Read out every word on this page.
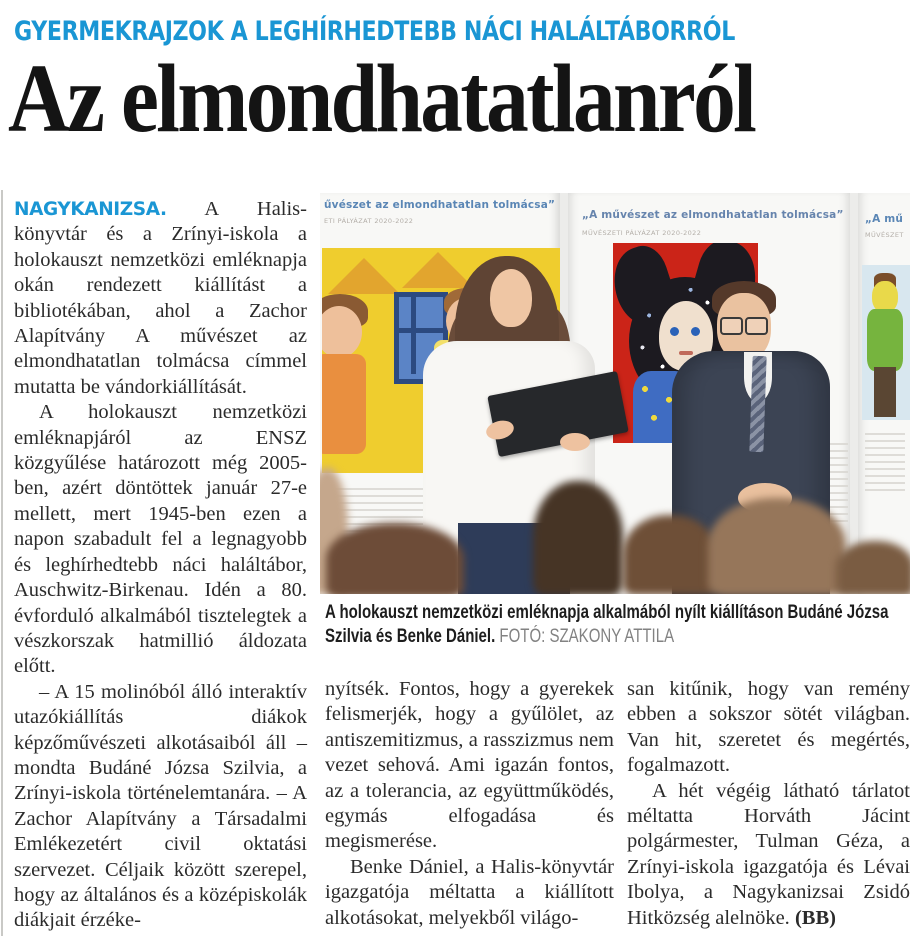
GYERMEKRAJZOK A LEGHÍRHEDTEBB NÁCI HALÁLTÁBORRÓL
Az elmondhatatlanról

NAGYKANIZSA. A Halis-könyvtár és a Zrínyi-iskola a holokauszt nemzetközi emléknapja okán rendezett kiállítást a bibliotékában, ahol a Zachor Alapítvány A művészet az elmondhatatlan tolmácsa címmel mutatta be vándorkiállítását.

A holokauszt nemzetközi emléknapjáról az ENSZ közgyűlése határozott még 2005-ben, azért döntöttek január 27-e mellett, mert 1945-ben ezen a napon szabadult fel a legnagyobb és leghírhedtebb náci haláltábor, Auschwitz-Birkenau. Idén a 80. évforduló alkalmából tisztelegtek a vészkorszak hatmillió áldozata előtt.

– A 15 molinóból álló interaktív utazókiállítás diákok képzőművészeti alkotásaiból áll – mondta Budáné Józsa Szilvia, a Zrínyi-iskola történelemtanára. – A Zachor Alapítvány a Társadalmi Emlékezetért civil oktatási szervezet. Céljaik között szerepel, hogy az általános és a középiskolák diákjait érzéke-

űvészet az elmondhatatlan tolmácsa”
ETI PÁLYÁZAT 2020-2022	„A művészet az elmondhatatlan tolmácsa”
MŰVÉSZETI PÁLYÁZAT 2020-2022
„A mű
MŰVÉSZET
A holokauszt nemzetközi emléknapja alkalmából nyílt kiállításon Budáné Józsa Szilvia és Benke Dániel. FOTÓ: SZAKONY ATTILA

nyítsék. Fontos, hogy a gyerekek felismerjék, hogy a gyűlölet, az antiszemitizmus, a rasszizmus nem vezet sehová. Ami igazán fontos, az a tolerancia, az együttműködés, egymás elfogadása és megismerése.

Benke Dániel, a Halis-könyvtár igazgatója méltatta a kiállított alkotásokat, melyekből világo-

san kitűnik, hogy van remény ebben a sokszor sötét világban. Van hit, szeretet és megértés, fogalmazott.

A hét végéig látható tárlatot méltatta Horváth Jácint polgármester, Tulman Géza, a Zrínyi-iskola igazgatója és Lévai Ibolya, a Nagykanizsai Zsidó Hitközség alelnöke. (BB)
